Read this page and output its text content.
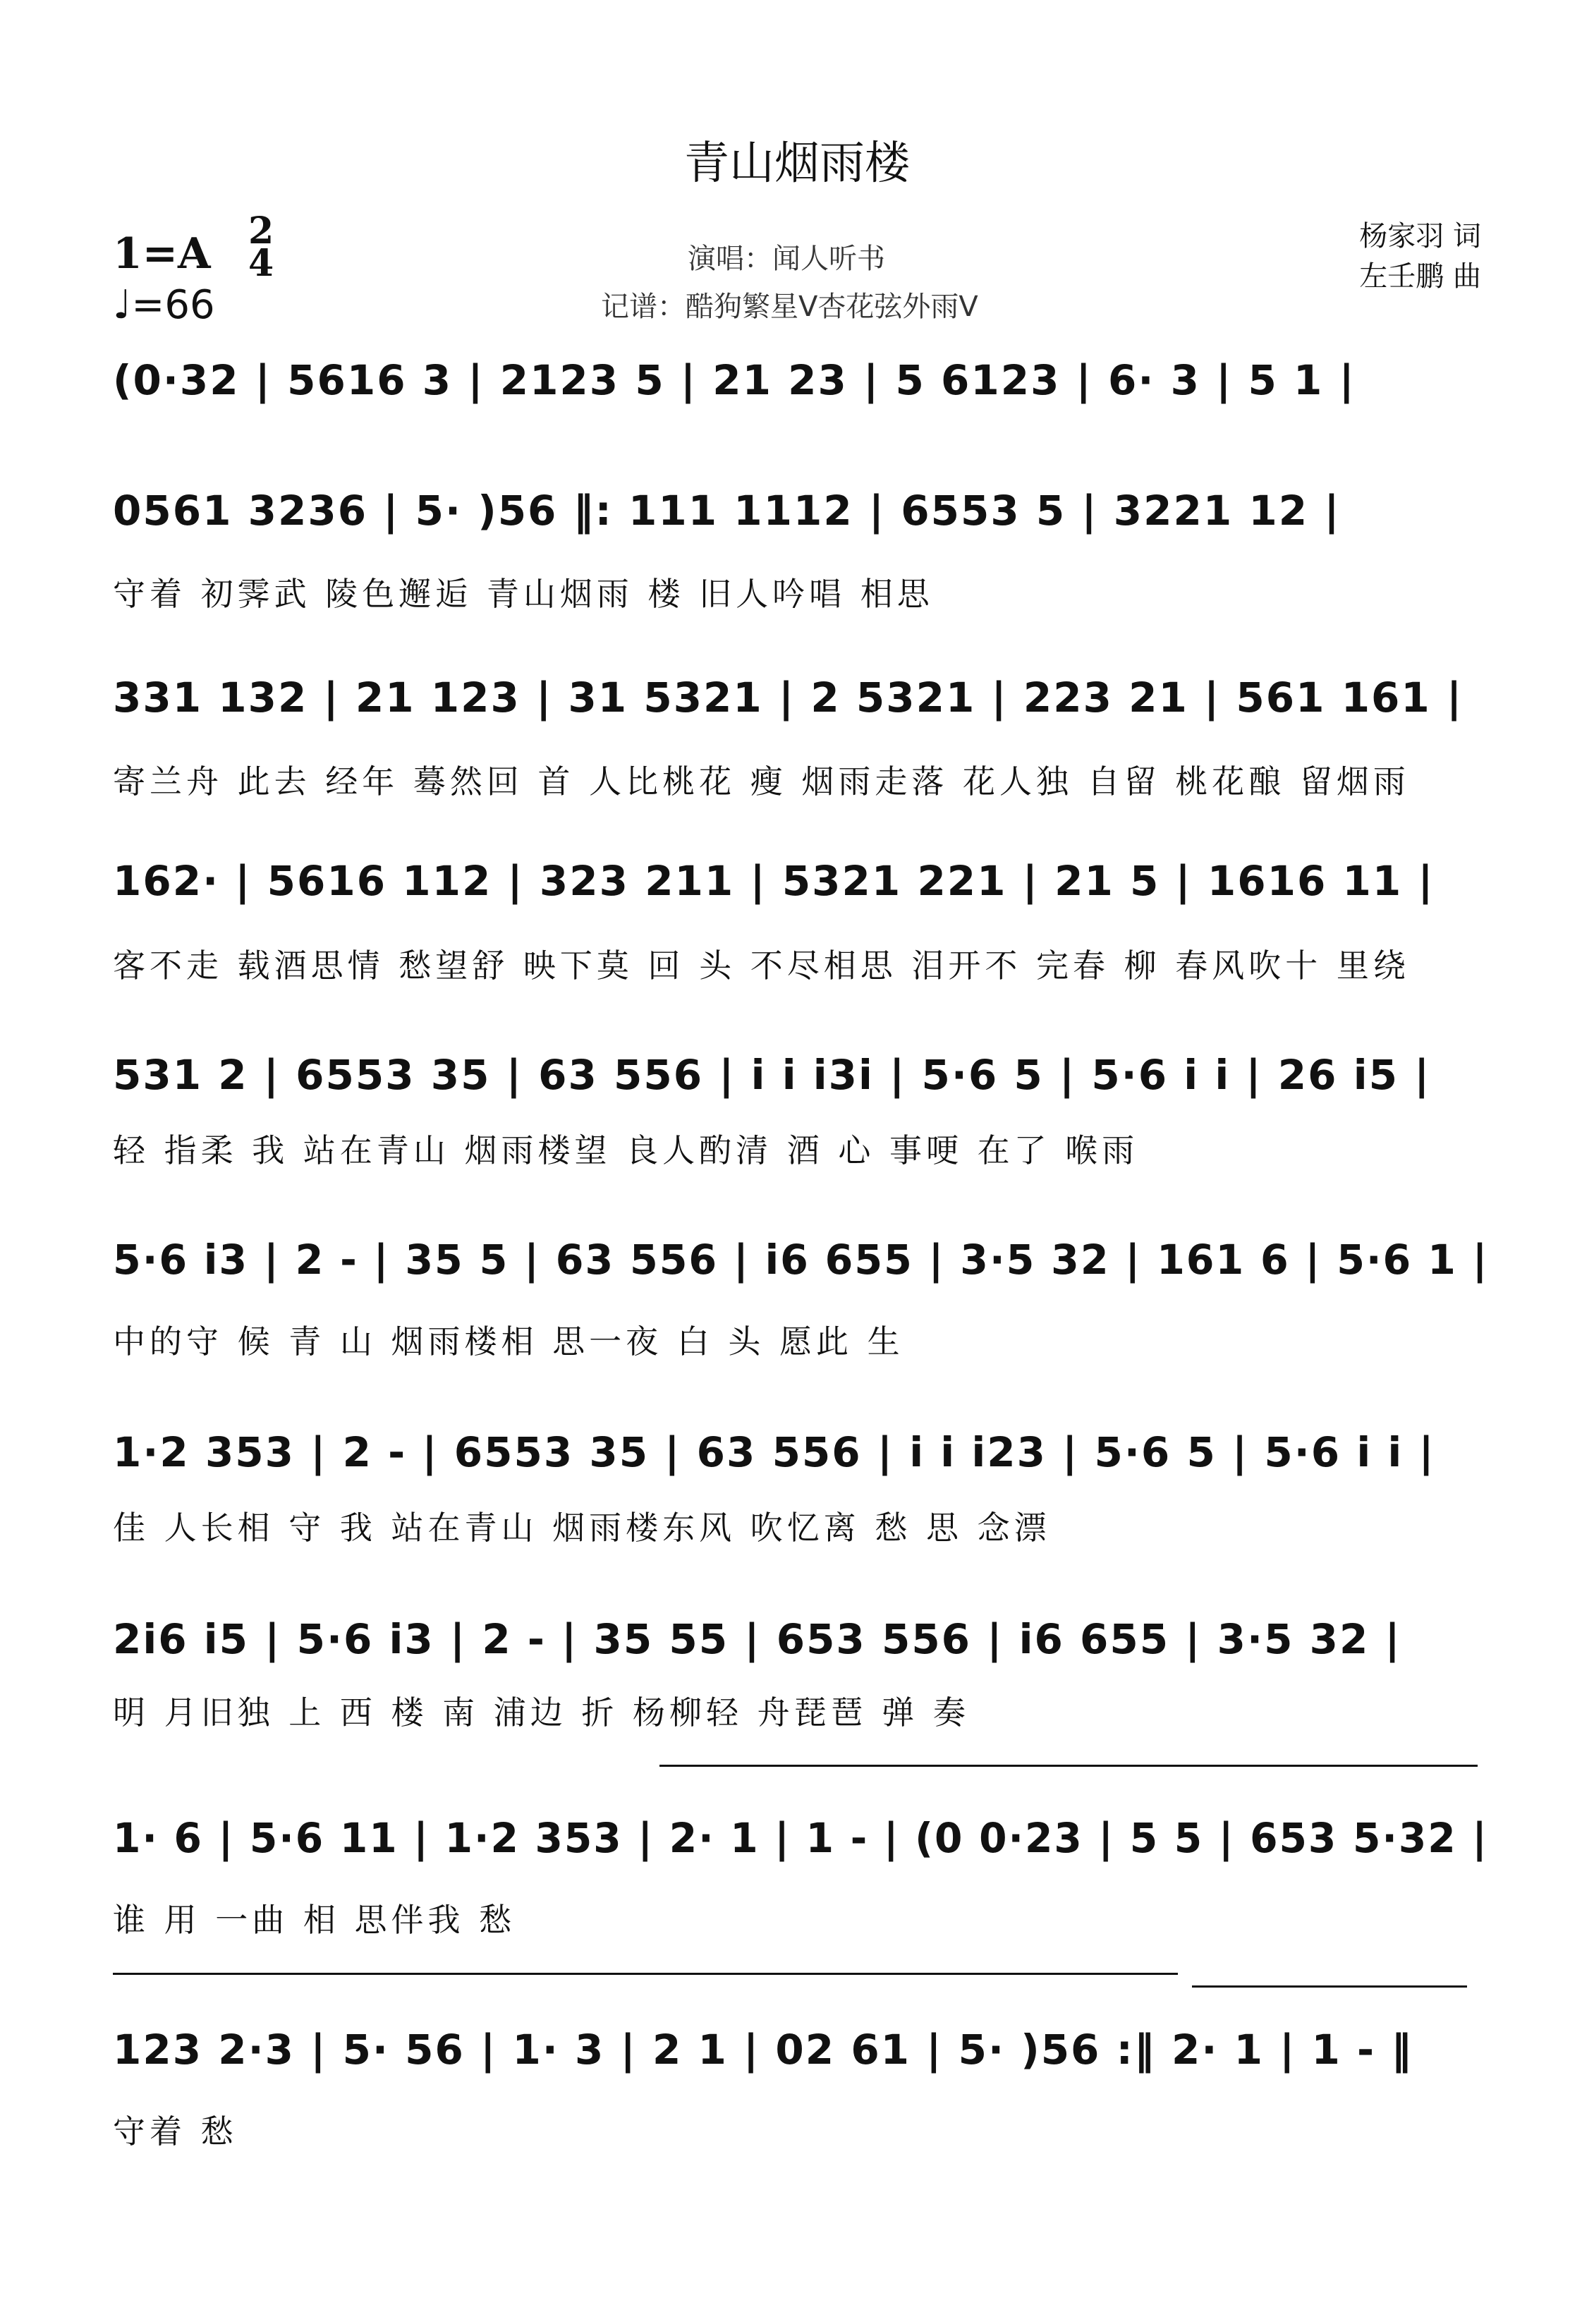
青山烟雨楼
1=A 2
4
♩=66
演唱：闻人听书
记谱：酷狗繁星V杏花弦外雨V
杨家羽 词
左壬鹏 曲
(0·32 | 5616 3 | 2123 5 | 21 23 | 5 6123 | 6· 3 | 5 1 |
0561 3236 | 5· )56 ‖: 111 1112 | 6553 5 | 3221 12 |
守着 初霁武 陵色邂逅 青山烟雨 楼 旧人吟唱 相思
331 132 | 21 123 | 31 5321 | 2 5321 | 223 21 | 561 161 |
寄兰舟 此去 经年 蓦然回 首 人比桃花 瘦 烟雨走落 花人独 自留 桃花酿 留烟雨
162· | 5616 112 | 323 211 | 5321 221 | 21 5 | 1616 11 |
客不走 载酒思情 愁望舒 映下莫 回 头 不尽相思 泪开不 完春 柳 春风吹十 里绕
531 2 | 6553 35 | 63 556 | i i i3i | 5·6 5 | 5·6 i i | 26 i5 |
轻 指柔 我 站在青山 烟雨楼望 良人酌清 酒 心 事哽 在了 喉雨
5·6 i3 | 2 - | 35 5 | 63 556 | i6 655 | 3·5 32 | 161 6 | 5·6 1 |
中的守 候 青 山 烟雨楼相 思一夜 白 头 愿此 生
1·2 353 | 2 - | 6553 35 | 63 556 | i i i23 | 5·6 5 | 5·6 i i |
佳 人长相 守 我 站在青山 烟雨楼东风 吹忆离 愁 思 念漂
2i6 i5 | 5·6 i3 | 2 - | 35 55 | 653 556 | i6 655 | 3·5 32 |
明 月旧独 上 西 楼 南 浦边 折 杨柳轻 舟琵琶 弹 奏
1· 6 | 5·6 11 | 1·2 353 | 2· 1 | 1 - | (0 0·23 | 5 5 | 653 5·32 |
谁 用 一曲 相 思伴我 愁
123 2·3 | 5· 56 | 1· 3 | 2 1 | 02 61 | 5· )56 :‖ 2· 1 | 1 - ‖
守着 愁
